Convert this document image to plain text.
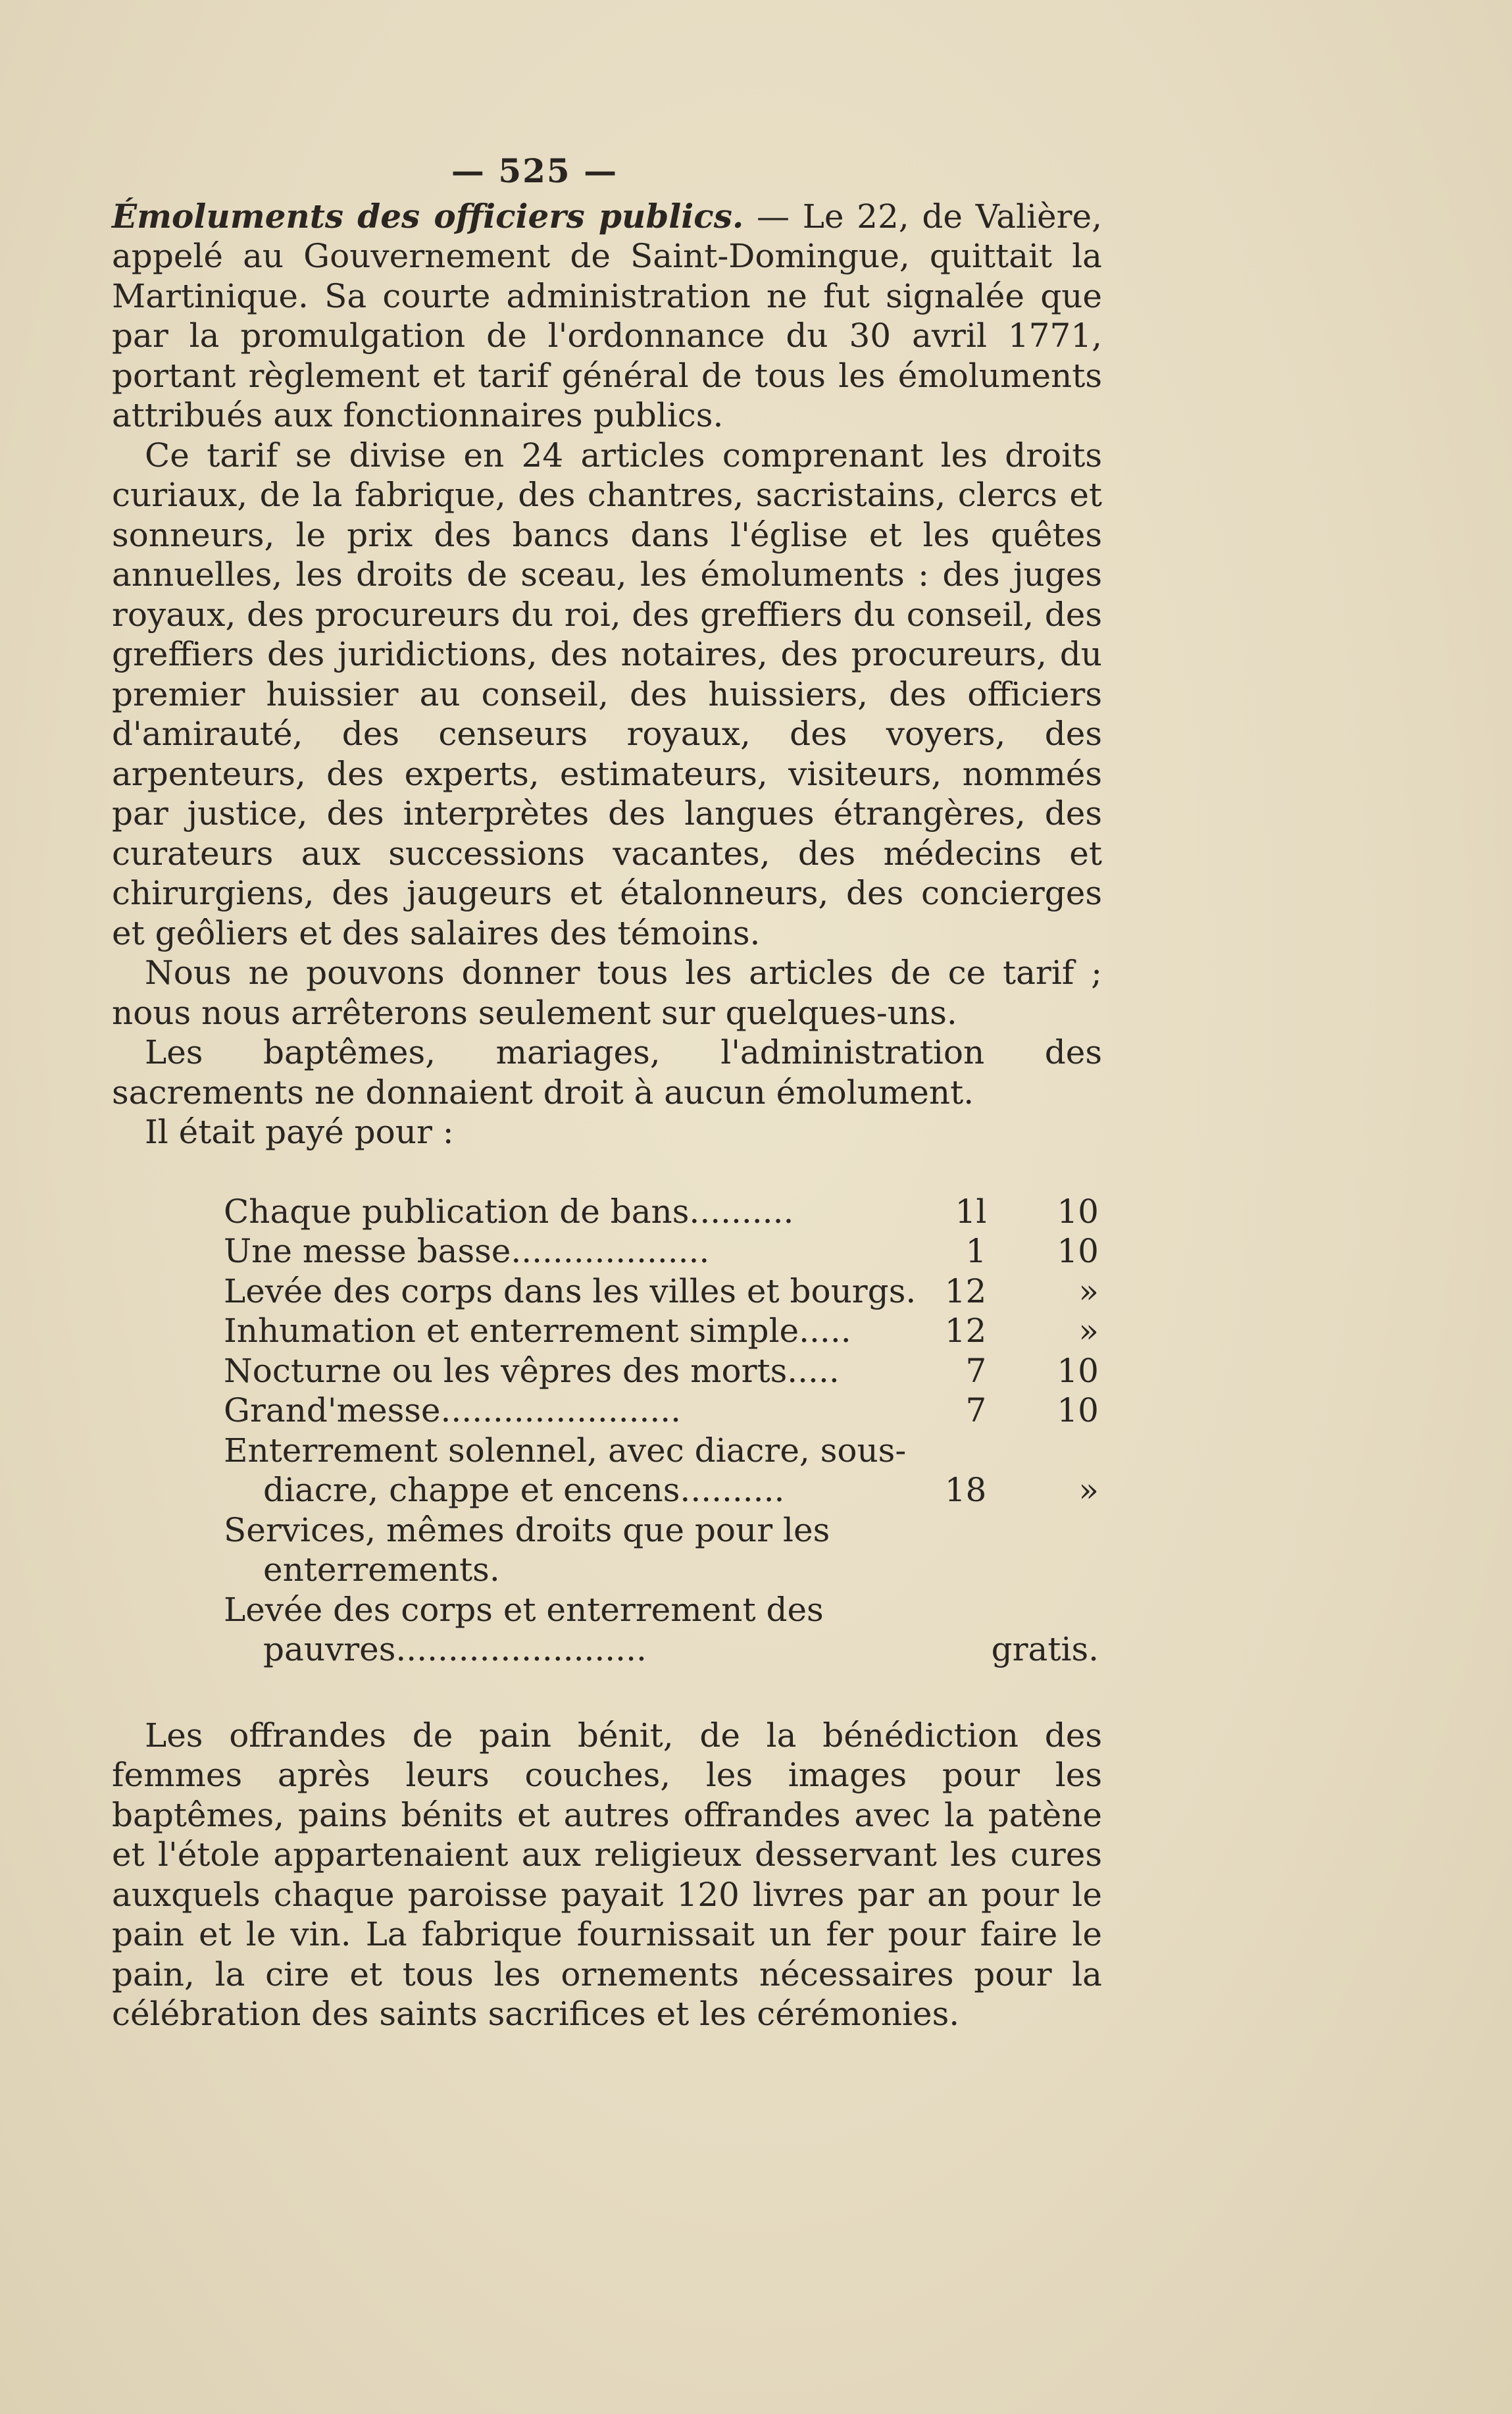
— 525 —

Émoluments des officiers publics. — Le 22, de Valière, appelé au Gouvernement de Saint-Domingue, quittait la Martinique. Sa courte administration ne fut signalée que par la promulgation de l'ordonnance du 30 avril 1771, portant règlement et tarif général de tous les émoluments attribués aux fonctionnaires publics.

Ce tarif se divise en 24 articles comprenant les droits curiaux, de la fabrique, des chantres, sacristains, clercs et sonneurs, le prix des bancs dans l'église et les quêtes annuelles, les droits de sceau, les émoluments : des juges royaux, des procureurs du roi, des greffiers du conseil, des greffiers des juridictions, des notaires, des procureurs, du premier huissier au conseil, des huissiers, des officiers d'amirauté, des censeurs royaux, des voyers, des arpenteurs, des experts, estimateurs, visiteurs, nommés par justice, des interprètes des langues étrangères, des curateurs aux successions vacantes, des médecins et chirurgiens, des jaugeurs et étalonneurs, des concierges et geôliers et des salaires des témoins.

Nous ne pouvons donner tous les articles de ce tarif ; nous nous arrêterons seulement sur quelques-uns.

Les baptêmes, mariages, l'administration des sacrements ne donnaient droit à aucun émolument.

Il était payé pour :

Chaque publication de bans..........	1l	10
Une messe basse...................	1	10
Levée des corps dans les villes et bourgs.	12	»
Inhumation et enterrement simple.....	12	»
Nocturne ou les vêpres des morts.....	7	10
Grand'messe.......................	7	10
Enterrement solennel, avec diacre, sous-		
diacre, chappe et encens..........	18	»
Services, mêmes droits que pour les		
enterrements.		
Levée des corps et enterrement des		
pauvres........................		gratis.

Les offrandes de pain bénit, de la bénédiction des femmes après leurs couches, les images pour les baptêmes, pains bénits et autres offrandes avec la patène et l'étole appartenaient aux religieux desservant les cures auxquels chaque paroisse payait 120 livres par an pour le pain et le vin. La fabrique fournissait un fer pour faire le pain, la cire et tous les ornements nécessaires pour la célébration des saints sacrifices et les cérémonies.
